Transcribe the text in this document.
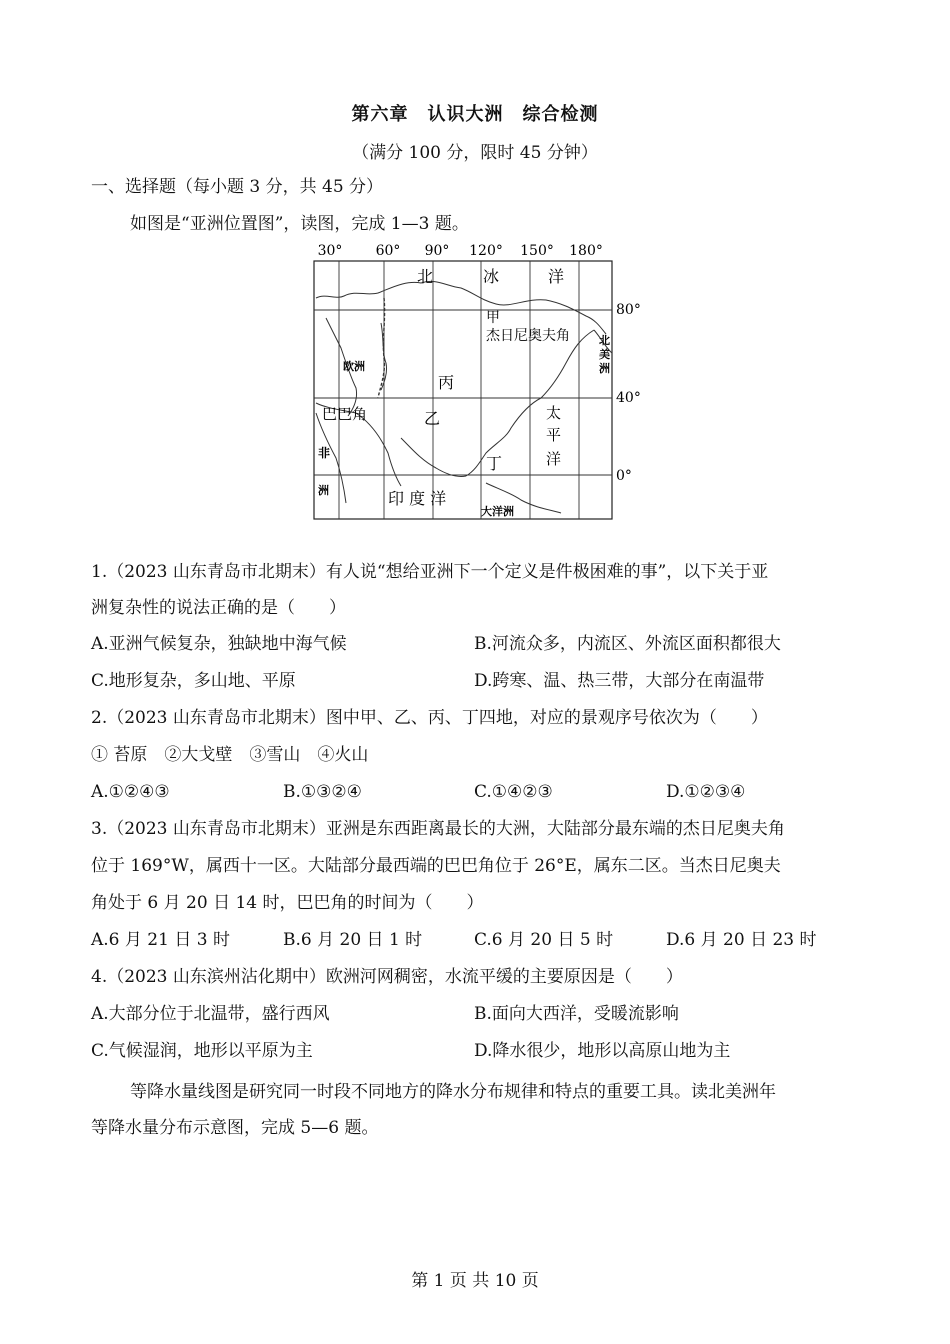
第六章　认识大洲　综合检测
（满分 100 分，限时 45 分钟）
一、选择题（每小题 3 分，共 45 分）
如图是“亚洲位置图”，读图，完成 1—3 题。
30° 60° 90° 120° 150° 180°
北	冰	洋
甲
杰日尼奥夫角	北
美
洲
欧洲
丙
乙
巴巴角	太
平
洋
非
洲
丁
印 度 洋
大洋洲
80°
40°
0°
1.（2023 山东青岛市北期末）有人说“想给亚洲下一个定义是件极困难的事”，以下关于亚
洲复杂性的说法正确的是（　　）
A.亚洲气候复杂，独缺地中海气候	B.河流众多，内流区、外流区面积都很大
C.地形复杂，多山地、平原	D.跨寒、温、热三带，大部分在南温带
2.（2023 山东青岛市北期末）图中甲、乙、丙、丁四地，对应的景观序号依次为（　　）
① 苔原　②大戈壁　③雪山　④火山
A.①②④③	B.①③②④	C.①④②③	D.①②③④
3.（2023 山东青岛市北期末）亚洲是东西距离最长的大洲，大陆部分最东端的杰日尼奥夫角
位于 169°W，属西十一区。大陆部分最西端的巴巴角位于 26°E，属东二区。当杰日尼奥夫
角处于 6 月 20 日 14 时，巴巴角的时间为（　　）
A.6 月 21 日 3 时	B.6 月 20 日 1 时	C.6 月 20 日 5 时	D.6 月 20 日 23 时
4.（2023 山东滨州沾化期中）欧洲河网稠密，水流平缓的主要原因是（　　）
A.大部分位于北温带，盛行西风	B.面向大西洋，受暖流影响
C.气候湿润，地形以平原为主	D.降水很少，地形以高原山地为主
等降水量线图是研究同一时段不同地方的降水分布规律和特点的重要工具。读北美洲年
等降水量分布示意图，完成 5—6 题。
第 1 页 共 10 页
